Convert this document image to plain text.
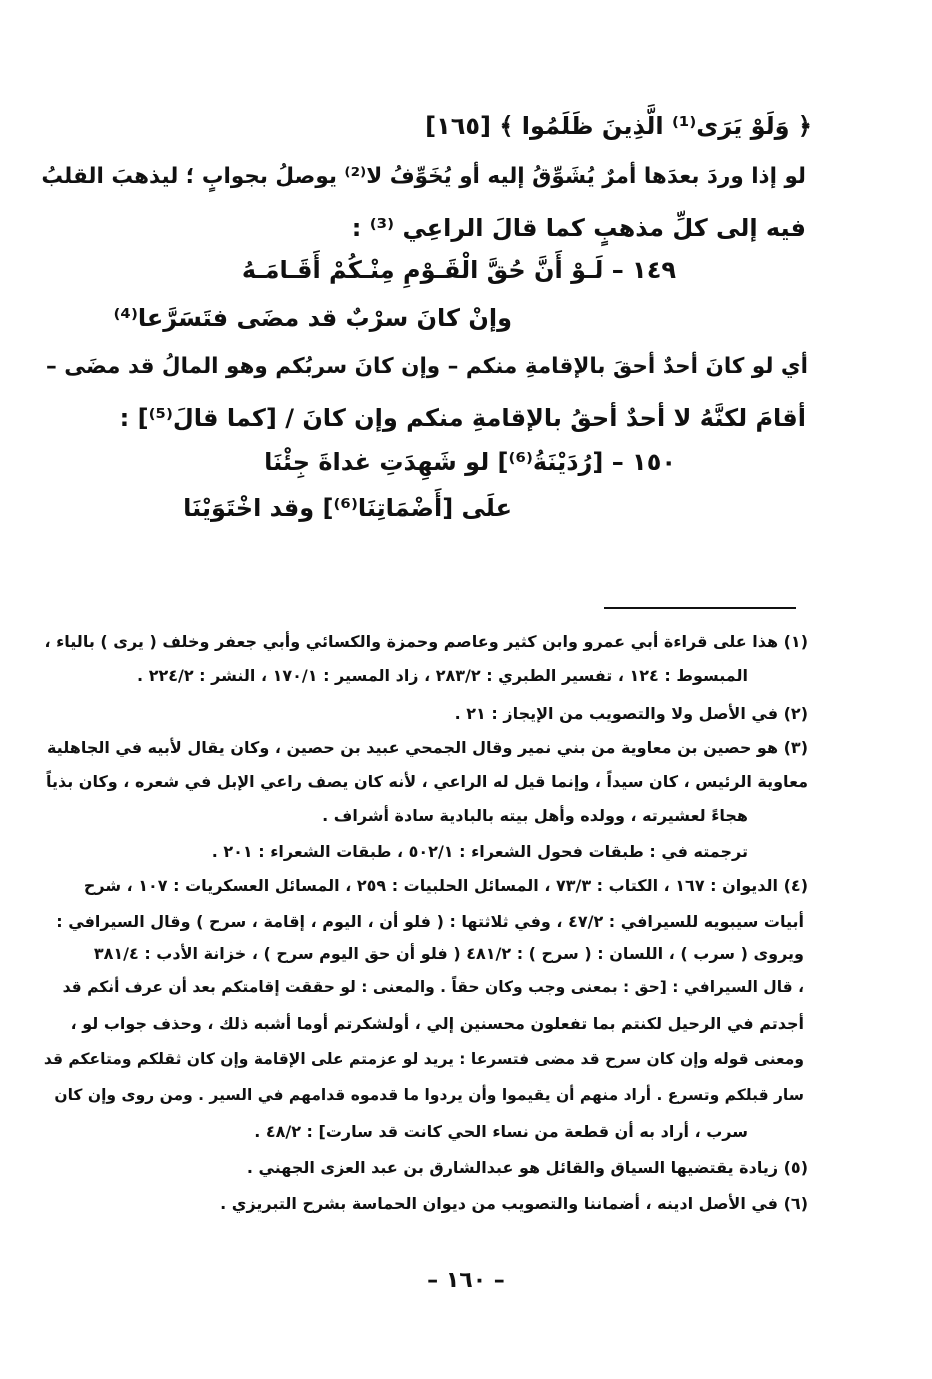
﴿ وَلَوْ يَرَى⁽¹⁾ الَّذِينَ ظَلَمُوا ﴾ [١٦٥]
لو إذا وردَ بعدَها أمرٌ يُشَوِّقُ إليه أو يُخَوِّفُ لا⁽²⁾ يوصلُ بجوابٍ ؛ ليذهبَ القلبُ
فيه إلى كلِّ مذهبٍ كما قالَ الراعِي ⁽³⁾ :
١٤٩ – لَـوْ أَنَّ حُقَّ الْقَـوْمِ مِنْـكُمْ أَقَـامَـهُ
وإنْ كانَ سرْبٌ قد مضَى فتَسَرَّعا⁽⁴⁾
أي لو كانَ أحدٌ أحقَ بالإقامةِ منكم – وإن كانَ سربُكم وهو المالُ قد مضَى –
أقامَ لكنَّهُ لا أحدٌ أحقُ بالإقامةِ منكم وإن كانَ / [كما قالَ⁽⁵⁾] :
١٥٠ – [رُدَيْنَةُ⁽⁶⁾] لو شَهِدَتِ غداةَ جِئْنَا
علَى [أَضْمَاتِنَا⁽⁶⁾] وقد اخْتَوَيْنَا
(١) هذا على قراءة أبي عمرو وابن كثير وعاصم وحمزة والكسائي وأبي جعفر وخلف ( يرى ) بالياء ،
المبسوط : ١٢٤ ، تفسير الطبري : ٢٨٣/٢ ، زاد المسير : ١٧٠/١ ، النشر : ٢٢٤/٢ .
(٢) في الأصل ولا والتصويب من الإيجاز : ٢١ .
(٣) هو حصين بن معاوية من بني نمير وقال الجمحي عبيد بن حصين ، وكان يقال لأبيه في الجاهلية
معاوية الرئيس ، كان سيداً ، وإنما قيل له الراعي ، لأنه كان يصف راعي الإبل في شعره ، وكان بذياً
هجاءً لعشيرته ، وولده وأهل بيته بالبادية سادة أشراف .
ترجمته في : طبقات فحول الشعراء : ٥٠٢/١ ، طبقات الشعراء : ٢٠١ .
(٤) الديوان : ١٦٧ ، الكتاب : ٧٣/٣ ، المسائل الحلبيات : ٢٥٩ ، المسائل العسكريات : ١٠٧ ، شرح
أبيات سيبويه للسيرافي : ٤٧/٢ ، وفي ثلاثتها : ( فلو أن ، اليوم ، إقامة ، سرح ) وقال السيرافي :
ويروى ( سرب ) ، اللسان : ( سرح ) : ٤٨١/٢ ( فلو أن حق اليوم سرح ) ، خزانة الأدب : ٣٨١/٤
، قال السيرافي : [حق : بمعنى وجب وكان حقاً . والمعنى : لو حققت إقامتكم بعد أن عرف أنكم قد
أجدتم في الرحيل لكنتم بما تفعلون محسنين إلي ، أولشكرتم أوما أشبه ذلك ، وحذف جواب لو ،
ومعنى قوله وإن كان سرح قد مضى فتسرعا : يريد لو عزمتم على الإقامة وإن كان ثقلكم ومتاعكم قد
سار قبلكم وتسرع . أراد منهم أن يقيموا وأن يردوا ما قدموه قدامهم في السير . ومن روى وإن كان
سرب ، أراد به أن قطعة من نساء الحي كانت قد سارت] : ٤٨/٢ .
(٥) زيادة يقتضيها السياق والقائل هو عبدالشارق بن عبد العزى الجهني .
(٦) في الأصل ادينه ، أضماننا والتصويب من ديوان الحماسة بشرح التبريزي .
– ١٦٠ –
